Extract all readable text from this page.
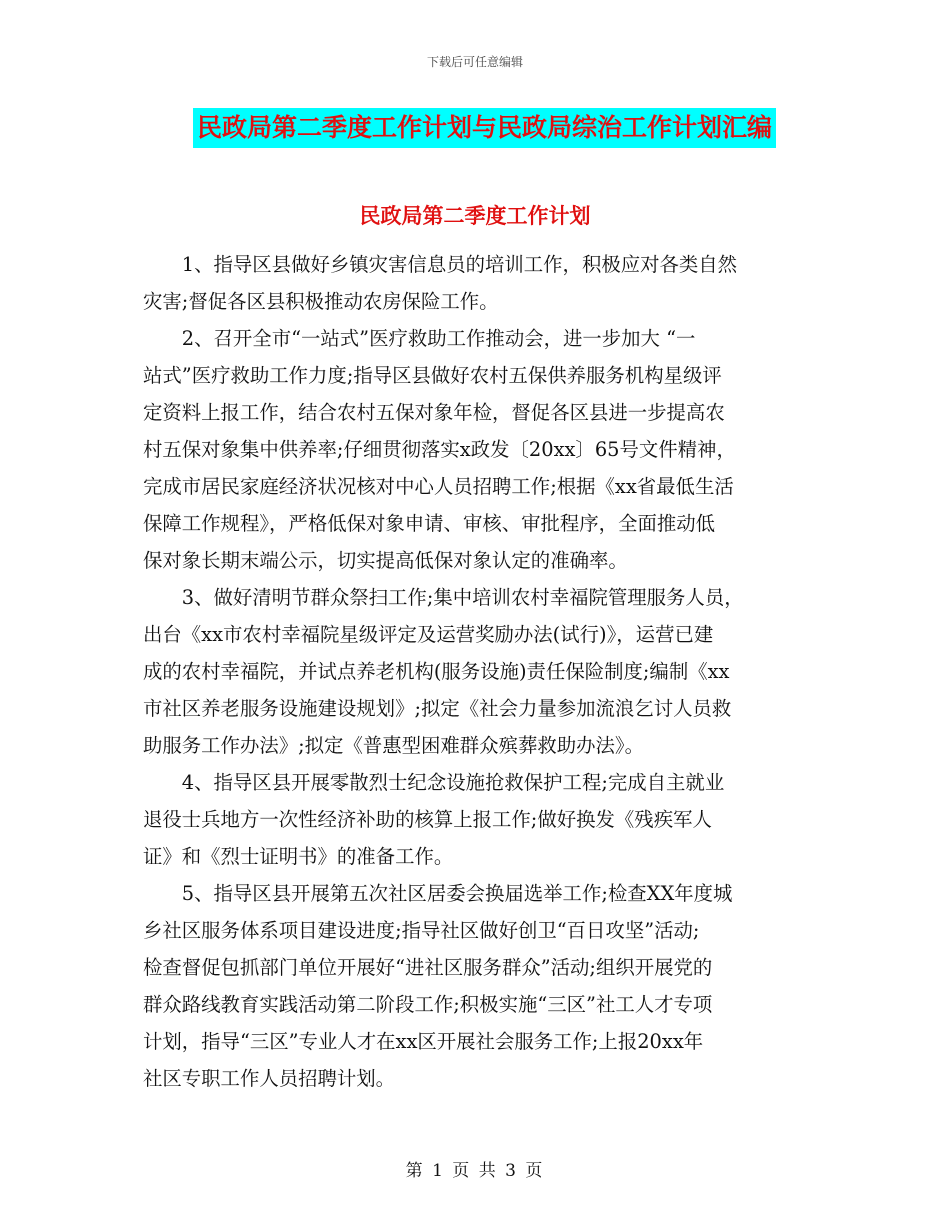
下载后可任意编辑
民政局第二季度工作计划与民政局综治工作计划汇编
民政局第二季度工作计划

1、指导区县做好乡镇灾害信息员的培训工作，积极应对各类自然
灾害;督促各区县积极推动农房保险工作。

2、召开全市“一站式”医疗救助工作推动会，进一步加大 “一
站式”医疗救助工作力度;指导区县做好农村五保供养服务机构星级评
定资料上报工作，结合农村五保对象年检，督促各区县进一步提高农
村五保对象集中供养率;仔细贯彻落实x政发〔20xx〕65号文件精神，
完成市居民家庭经济状况核对中心人员招聘工作;根据《xx省最低生活
保障工作规程》，严格低保对象申请、审核、审批程序，全面推动低
保对象长期末端公示，切实提高低保对象认定的准确率。

3、做好清明节群众祭扫工作;集中培训农村幸福院管理服务人员，
出台《xx市农村幸福院星级评定及运营奖励办法(试行)》，运营已建
成的农村幸福院，并试点养老机构(服务设施)责任保险制度;编制《xx
市社区养老服务设施建设规划》;拟定《社会力量参加流浪乞讨人员救
助服务工作办法》;拟定《普惠型困难群众殡葬救助办法》。

4、指导区县开展零散烈士纪念设施抢救保护工程;完成自主就业
退役士兵地方一次性经济补助的核算上报工作;做好换发《残疾军人
证》和《烈士证明书》的准备工作。

5、指导区县开展第五次社区居委会换届选举工作;检查XX年度城
乡社区服务体系项目建设进度;指导社区做好创卫“百日攻坚”活动;
检查督促包抓部门单位开展好“进社区服务群众”活动;组织开展党的
群众路线教育实践活动第二阶段工作;积极实施“三区”社工人才专项
计划，指导“三区”专业人才在xx区开展社会服务工作;上报20xx年
社区专职工作人员招聘计划。

第 1 页 共 3 页
